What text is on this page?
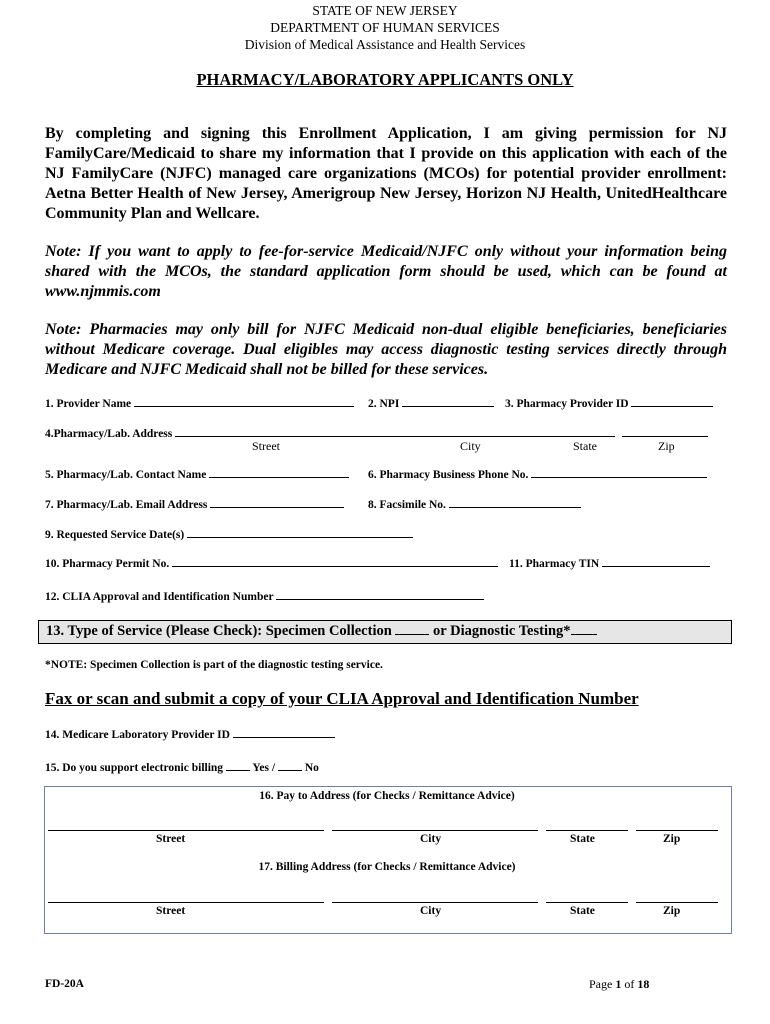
STATE OF NEW JERSEY
DEPARTMENT OF HUMAN SERVICES
Division of Medical Assistance and Health Services
PHARMACY/LABORATORY APPLICANTS ONLY
By completing and signing this Enrollment Application, I am giving permission for NJ FamilyCare/Medicaid to share my information that I provide on this application with each of the NJ FamilyCare (NJFC) managed care organizations (MCOs) for potential provider enrollment: Aetna Better Health of New Jersey, Amerigroup New Jersey, Horizon NJ Health, UnitedHealthcare Community Plan and Wellcare.
Note: If you want to apply to fee-for-service Medicaid/NJFC only without your information being shared with the MCOs, the standard application form should be used, which can be found at www.njmmis.com
Note: Pharmacies may only bill for NJFC Medicaid non-dual eligible beneficiaries, beneficiaries without Medicare coverage. Dual eligibles may access diagnostic testing services directly through Medicare and NJFC Medicaid shall not be billed for these services.
1. Provider Name	2. NPI	3. Pharmacy Provider ID
4.Pharmacy/Lab. Address
Street	City	State	Zip
5. Pharmacy/Lab. Contact Name	6. Pharmacy Business Phone No.
7. Pharmacy/Lab. Email Address	8. Facsimile No.
9. Requested Service Date(s)
10. Pharmacy Permit No.	11. Pharmacy TIN
12. CLIA Approval and Identification Number
13. Type of Service (Please Check): Specimen Collection	or Diagnostic Testing*
*NOTE: Specimen Collection is part of the diagnostic testing service.
Fax or scan and submit a copy of your CLIA Approval and Identification Number
14. Medicare Laboratory Provider ID
15. Do you support electronic billing	Yes /	No
16. Pay to Address (for Checks / Remittance Advice)

Street	City	State	Zip
17. Billing Address (for Checks / Remittance Advice)

Street	City	State	Zip
FD-20A	Page 1 of 18
